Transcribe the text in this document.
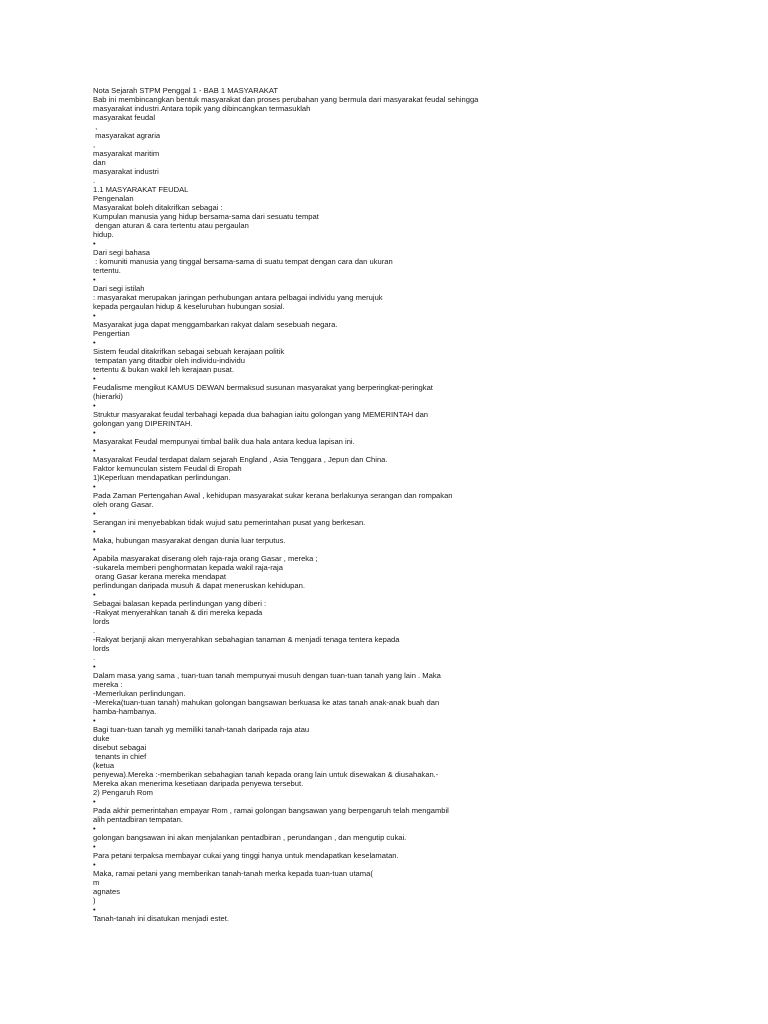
Nota Sejarah STPM Penggal 1 - BAB 1 MASYARAKAT
Bab ini membincangkan bentuk masyarakat dan proses perubahan yang bermula dari masyarakat feudal sehingga
masyarakat industri.Antara topik yang dibincangkan termasuklah
masyarakat feudal
,
masyarakat agraria
,
masyarakat maritim
dan
masyarakat industri
.
1.1 MASYARAKAT FEUDAL
Pengenalan
Masyarakat boleh ditakrifkan sebagai :
Kumpulan manusia yang hidup bersama-sama dari sesuatu tempat
dengan aturan & cara tertentu atau pergaulan
hidup.
•
Dari segi bahasa
: komuniti manusia yang tinggal bersama-sama di suatu tempat dengan cara dan ukuran
tertentu.
•
Dari segi istilah
: masyarakat merupakan jaringan perhubungan antara pelbagai individu yang merujuk
kepada pergaulan hidup & keseluruhan hubungan sosial.
•
Masyarakat juga dapat menggambarkan rakyat dalam sesebuah negara.
Pengertian
•
Sistem feudal ditakrifkan sebagai sebuah kerajaan politik
tempatan yang ditadbir oleh individu-individu
tertentu & bukan wakil leh kerajaan pusat.
•
Feudalisme mengikut KAMUS DEWAN bermaksud susunan masyarakat yang berperingkat-peringkat
(hierarki)
•
Struktur masyarakat feudal terbahagi kepada dua bahagian iaitu golongan yang MEMERINTAH dan
golongan yang DIPERINTAH.
•
Masyarakat Feudal mempunyai timbal balik dua hala antara kedua lapisan ini.
•
Masyarakat Feudal terdapat dalam sejarah England , Asia Tenggara , Jepun dan China.
Faktor kemunculan sistem Feudal di Eropah
1)Keperluan mendapatkan perlindungan.
•
Pada Zaman Pertengahan Awal , kehidupan masyarakat sukar kerana berlakunya serangan dan rompakan
oleh orang Gasar.
•
Serangan ini menyebabkan tidak wujud satu pemerintahan pusat yang berkesan.
•
Maka, hubungan masyarakat dengan dunia luar terputus.
•
Apabila masyarakat diserang oleh raja-raja orang Gasar , mereka ;
-sukarela memberi penghormatan kepada wakil raja-raja
orang Gasar kerana mereka mendapat
perlindungan daripada musuh & dapat meneruskan kehidupan.
•
Sebagai balasan kepada perlindungan yang diberi :
-Rakyat menyerahkan tanah & diri mereka kepada
lords
.
-Rakyat berjanji akan menyerahkan sebahagian tanaman & menjadi tenaga tentera kepada
lords
.
•
Dalam masa yang sama , tuan-tuan tanah mempunyai musuh dengan tuan-tuan tanah yang lain . Maka
mereka :
-Memerlukan perlindungan.
-Mereka(tuan-tuan tanah) mahukan golongan bangsawan berkuasa ke atas tanah anak-anak buah dan
hamba-hambanya.
•
Bagi tuan-tuan tanah yg memiliki tanah-tanah daripada raja atau
duke
disebut sebagai
tenants in chief
(ketua
penyewa).Mereka :-memberikan sebahagian tanah kepada orang lain untuk disewakan & diusahakan.-
Mereka akan menerima kesetiaan daripada penyewa tersebut.
2) Pengaruh Rom
•
Pada akhir pemerintahan empayar Rom , ramai golongan bangsawan yang berpengaruh telah mengambil
alih pentadbiran tempatan.
•
golongan bangsawan ini akan menjalankan pentadbiran , perundangan , dan mengutip cukai.
•
Para petani terpaksa membayar cukai yang tinggi hanya untuk mendapatkan keselamatan.
•
Maka, ramai petani yang memberikan tanah-tanah merka kepada tuan-tuan utama(
m
agnates
)
•
Tanah-tanah ini disatukan menjadi estet.
